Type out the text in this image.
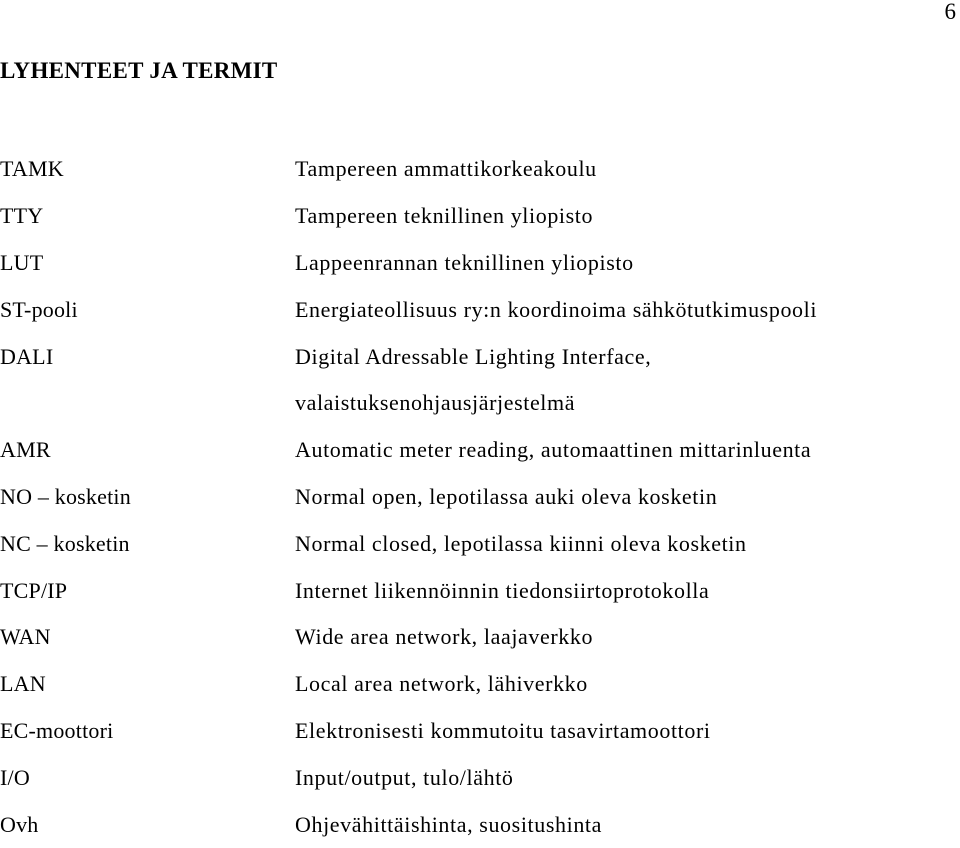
6
LYHENTEET JA TERMIT
TAMK	Tampereen ammattikorkeakoulu
TTY	Tampereen teknillinen yliopisto
LUT	Lappeenrannan teknillinen yliopisto
ST-pooli	Energiateollisuus ry:n koordinoima sähkötutkimuspooli
DALI	Digital Adressable Lighting Interface,
valaistuksenohjausjärjestelmä
AMR	Automatic meter reading, automaattinen mittarinluenta
NO – kosketin	Normal open, lepotilassa auki oleva kosketin
NC – kosketin	Normal closed, lepotilassa kiinni oleva kosketin
TCP/IP	Internet liikennöinnin tiedonsiirtoprotokolla
WAN	Wide area network, laajaverkko
LAN	Local area network, lähiverkko
EC-moottori	Elektronisesti kommutoitu tasavirtamoottori
I/O	Input/output, tulo/lähtö
Ovh	Ohjevähittäishinta, suositushinta
